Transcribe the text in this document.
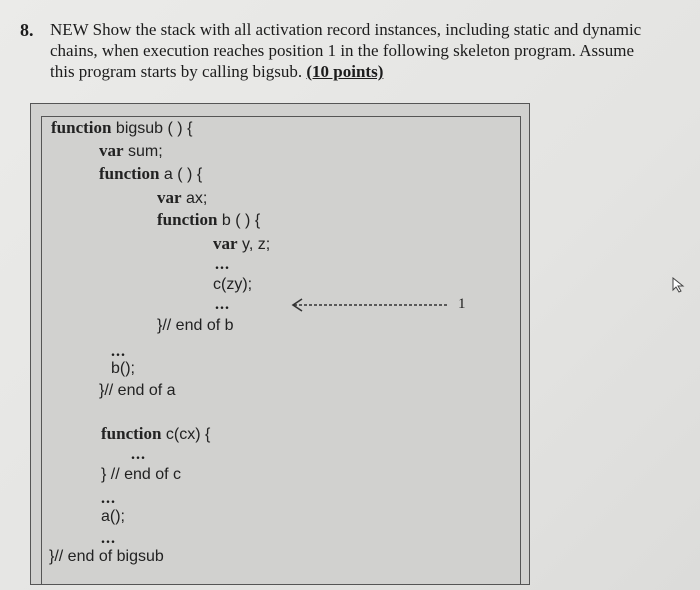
8. NEW Show the stack with all activation record instances, including static and dynamic
chains, when execution reaches position 1 in the following skeleton program. Assume
this program starts by calling bigsub. (10 points)
function bigsub ( ) {
var sum;
function a ( ) {
var ax;
function b ( ) {
var y, z;
...
c(zy);
...
}// end of b
...
b();
}// end of a
function c(cx) {
...
} // end of c
...
a();
...
}// end of bigsub
1
